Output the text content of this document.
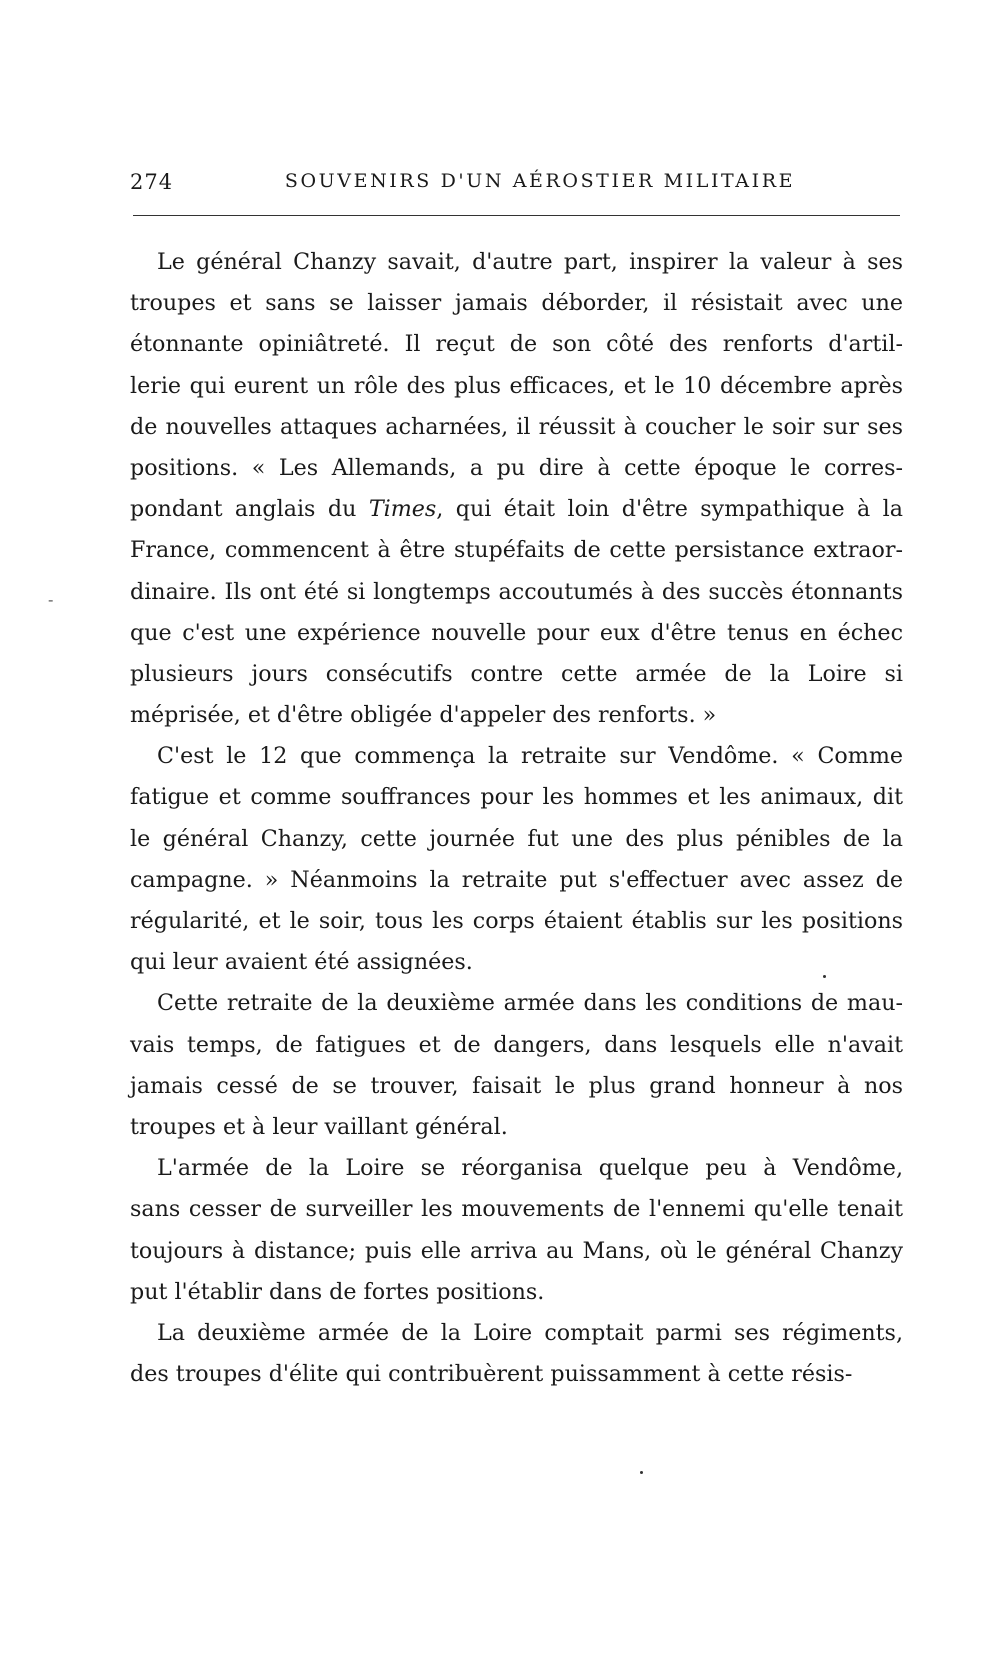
274	SOUVENIRS D'UN AÉROSTIER MILITAIRE
-
Le général Chanzy savait, d'autre part, inspirer la valeur à ses
troupes et sans se laisser jamais déborder, il résistait avec une
étonnante opiniâtreté. Il reçut de son côté des renforts d'artil-
lerie qui eurent un rôle des plus efficaces, et le 10 décembre après
de nouvelles attaques acharnées, il réussit à coucher le soir sur ses
positions. « Les Allemands, a pu dire à cette époque le corres-
pondant anglais du Times, qui était loin d'être sympathique à la
France, commencent à être stupéfaits de cette persistance extraor-
dinaire. Ils ont été si longtemps accoutumés à des succès étonnants
que c'est une expérience nouvelle pour eux d'être tenus en échec
plusieurs jours consécutifs contre cette armée de la Loire si
méprisée, et d'être obligée d'appeler des renforts. »
C'est le 12 que commença la retraite sur Vendôme. « Comme
fatigue et comme souffrances pour les hommes et les animaux, dit
le général Chanzy, cette journée fut une des plus pénibles de la
campagne. » Néanmoins la retraite put s'effectuer avec assez de
régularité, et le soir, tous les corps étaient établis sur les positions
qui leur avaient été assignées.
Cette retraite de la deuxième armée dans les conditions de mau-
vais temps, de fatigues et de dangers, dans lesquels elle n'avait
jamais cessé de se trouver, faisait le plus grand honneur à nos
troupes et à leur vaillant général.
L'armée de la Loire se réorganisa quelque peu à Vendôme,
sans cesser de surveiller les mouvements de l'ennemi qu'elle tenait
toujours à distance; puis elle arriva au Mans, où le général Chanzy
put l'établir dans de fortes positions.
La deuxième armée de la Loire comptait parmi ses régiments,
des troupes d'élite qui contribuèrent puissamment à cette résis-
